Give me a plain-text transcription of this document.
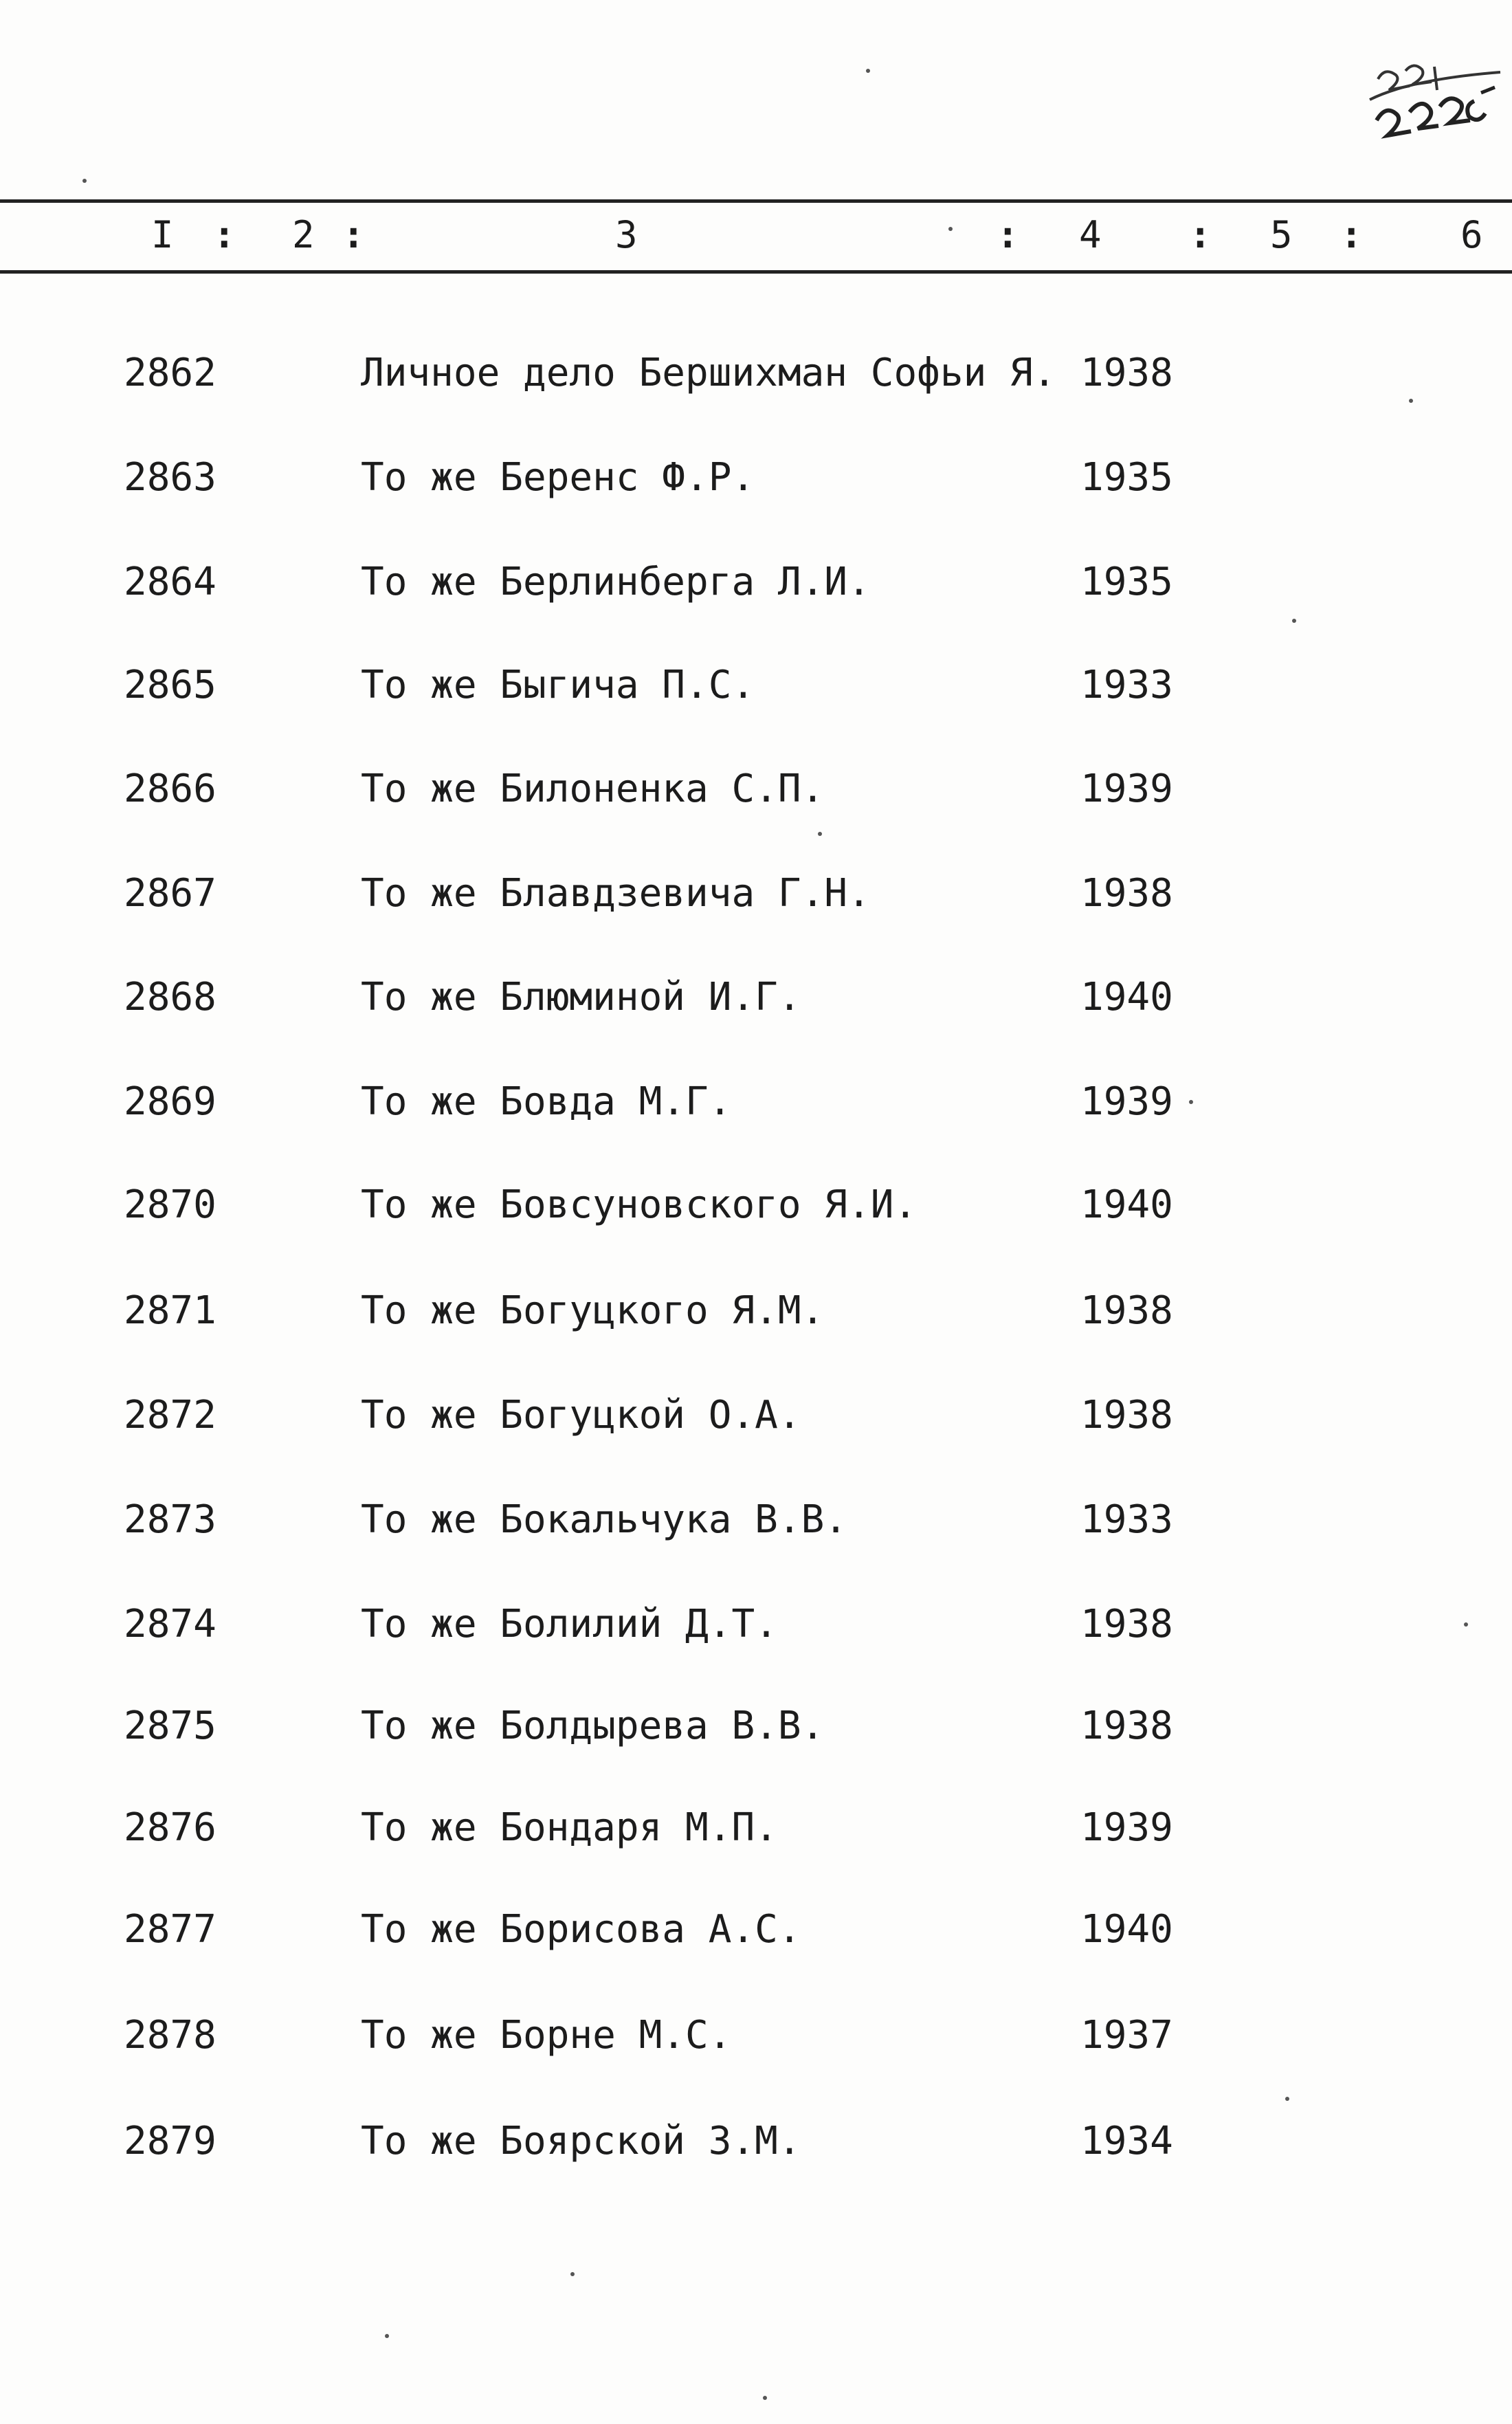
I : 2 :	3	: 4 : 5 :	6
2862	Личное дело Бершихман Софьи Я. 1938
2863	То же Беренс Ф.Р.	1935
2864	То же Берлинберга Л.И.	1935
2865	То же Быгича П.С.	1933
2866	То же Билоненка С.П.	1939
2867	То же Блавдзевича Г.Н.	1938
2868	То же Блюминой И.Г.	1940
2869	То же Бовда М.Г.	1939
2870	То же Бовсуновского Я.И.	1940
2871	То же Богуцкого Я.М.	1938
2872	То же Богуцкой О.А.	1938
2873	То же Бокальчука В.В.	1933
2874	То же Болилий Д.Т.	1938
2875	То же Болдырева В.В.	1938
2876	То же Бондаря М.П.	1939
2877	То же Борисова А.С.	1940
2878	То же Борне М.С.	1937
2879	То же Боярской З.М.	1934
